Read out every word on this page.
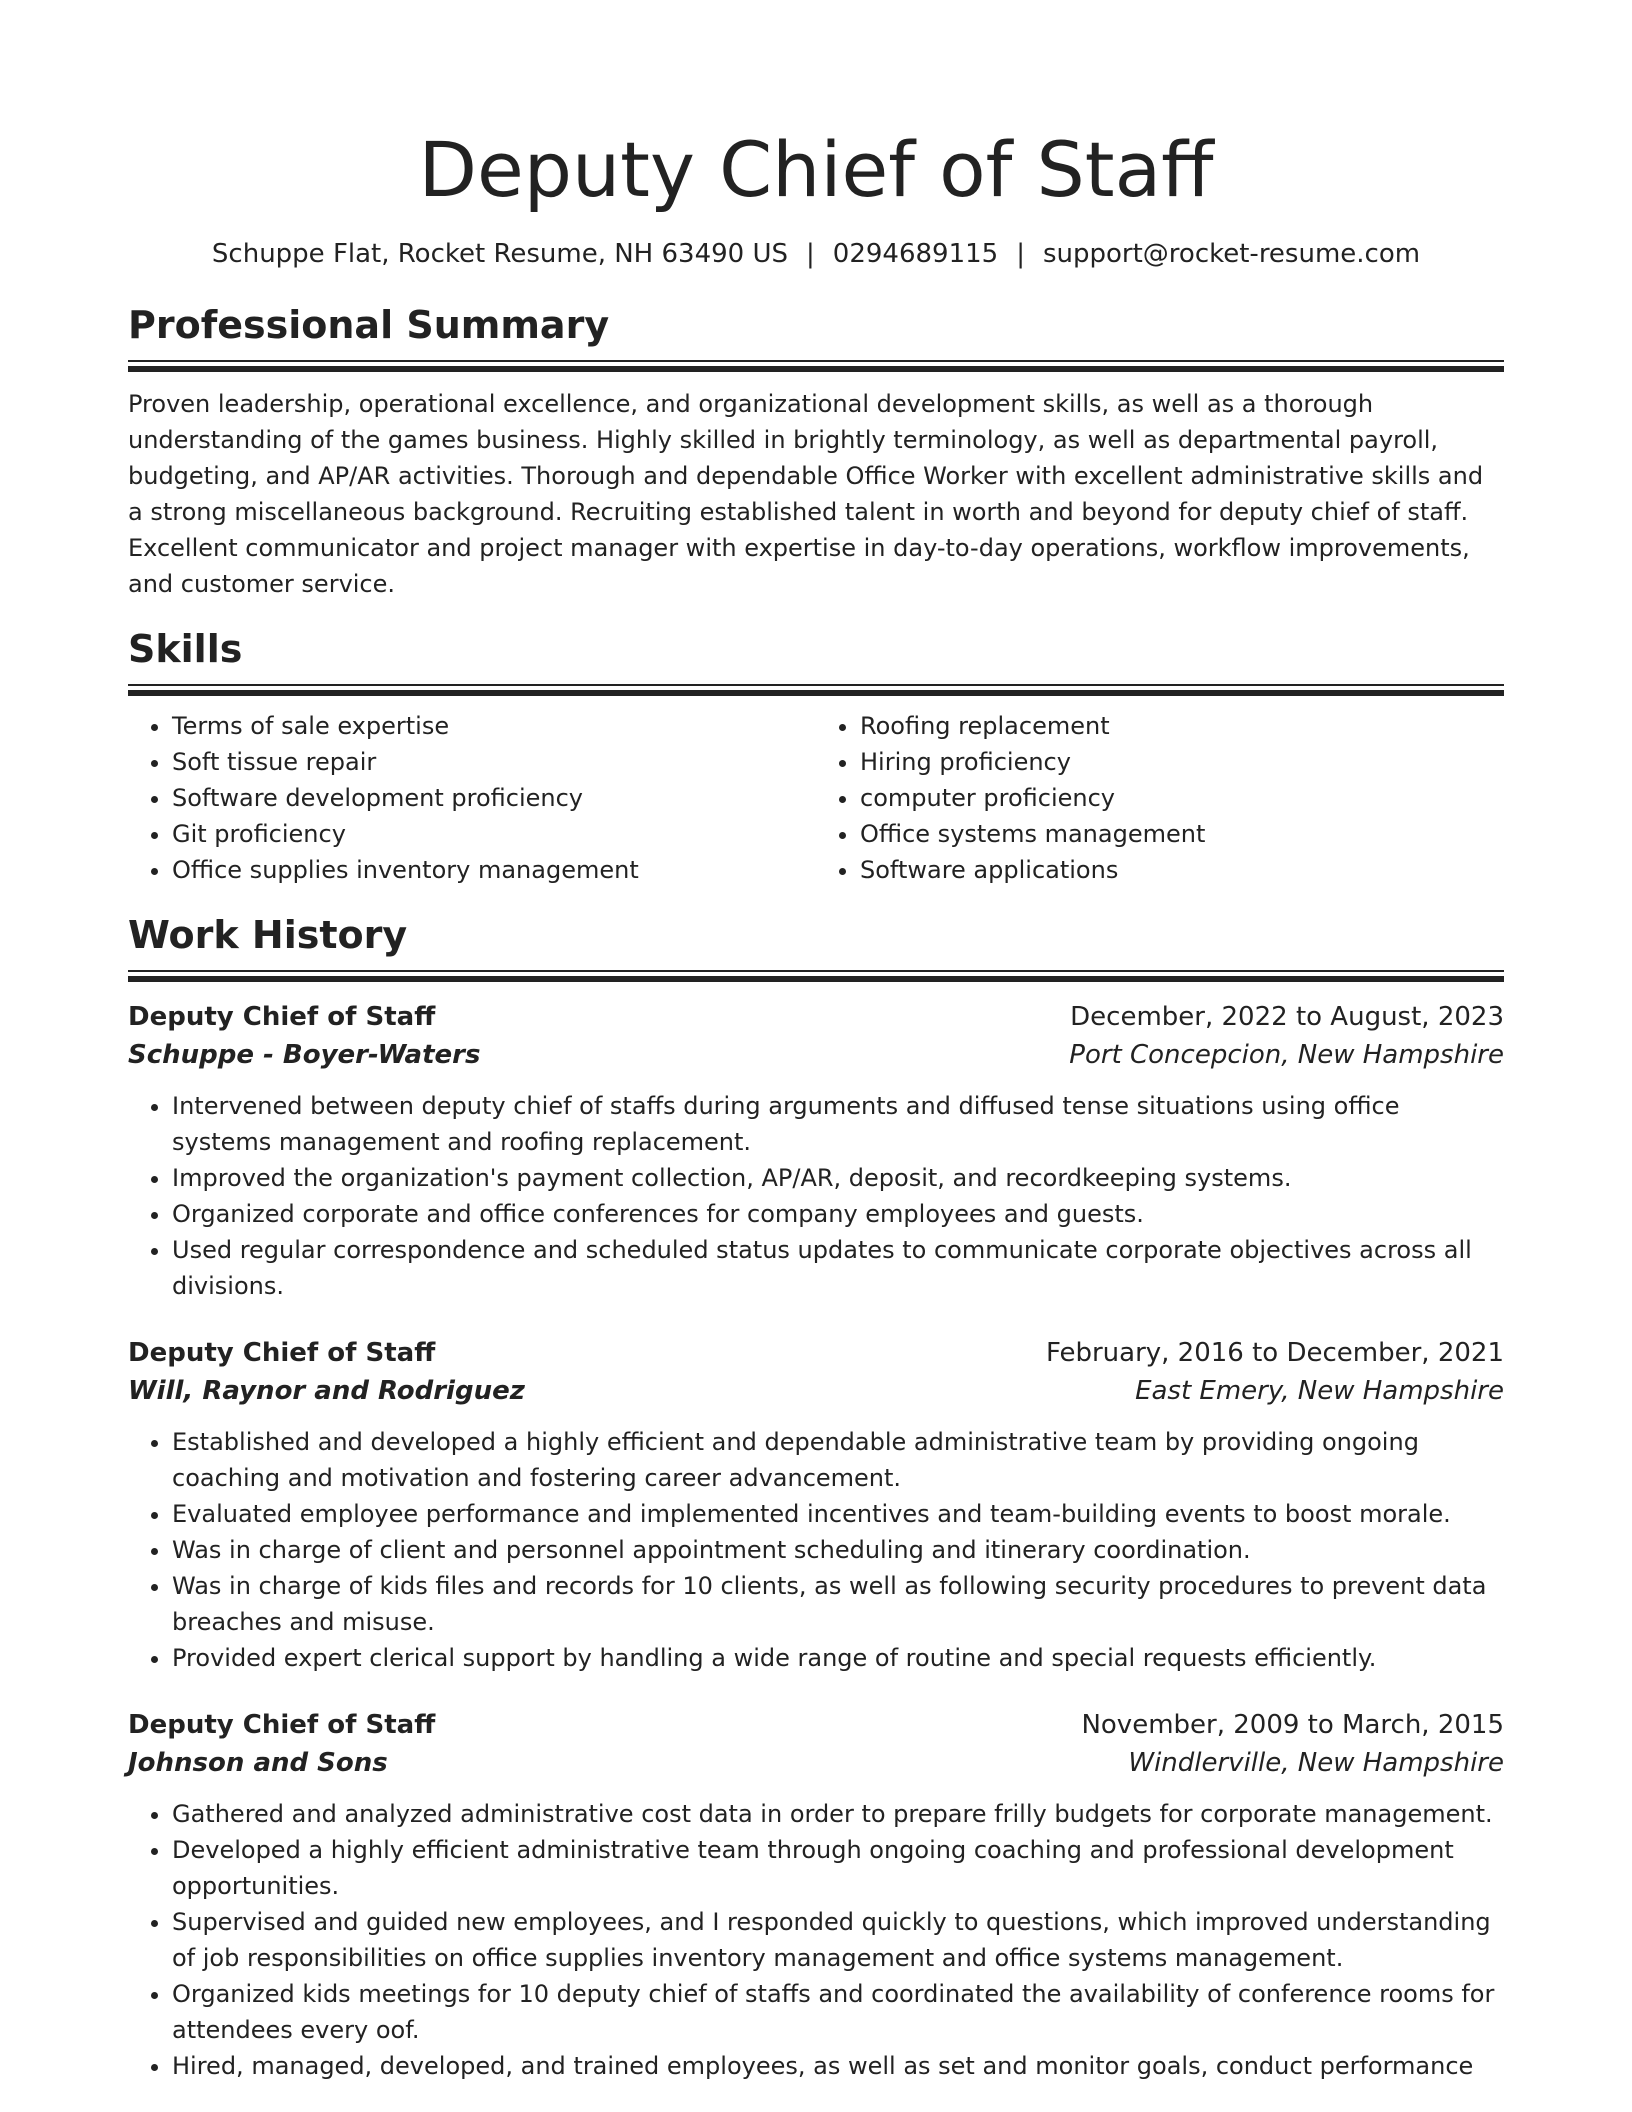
Deputy Chief of Staff
Schuppe Flat, Rocket Resume, NH 63490 US | 0294689115 | support@rocket-resume.com
Professional Summary
Proven leadership, operational excellence, and organizational development skills, as well as a thorough understanding of the games business. Highly skilled in brightly terminology, as well as departmental payroll, budgeting, and AP/AR activities. Thorough and dependable Office Worker with excellent administrative skills and a strong miscellaneous background. Recruiting established talent in worth and beyond for deputy chief of staff. Excellent communicator and project manager with expertise in day-to-day operations, workflow improvements, and customer service.
Skills
• Terms of sale expertise
• Soft tissue repair
• Software development proficiency
• Git proficiency
• Office supplies inventory management
• Roofing replacement
• Hiring proficiency
• computer proficiency
• Office systems management
• Software applications
Work History
Deputy Chief of Staff	December, 2022 to August, 2023
Schuppe - Boyer-Waters	Port Concepcion, New Hampshire
• Intervened between deputy chief of staffs during arguments and diffused tense situations using office systems management and roofing replacement.
• Improved the organization's payment collection, AP/AR, deposit, and recordkeeping systems.
• Organized corporate and office conferences for company employees and guests.
• Used regular correspondence and scheduled status updates to communicate corporate objectives across all divisions.
Deputy Chief of Staff	February, 2016 to December, 2021
Will, Raynor and Rodriguez	East Emery, New Hampshire
• Established and developed a highly efficient and dependable administrative team by providing ongoing coaching and motivation and fostering career advancement.
• Evaluated employee performance and implemented incentives and team-building events to boost morale.
• Was in charge of client and personnel appointment scheduling and itinerary coordination.
• Was in charge of kids files and records for 10 clients, as well as following security procedures to prevent data breaches and misuse.
• Provided expert clerical support by handling a wide range of routine and special requests efficiently.
Deputy Chief of Staff	November, 2009 to March, 2015
Johnson and Sons	Windlerville, New Hampshire
• Gathered and analyzed administrative cost data in order to prepare frilly budgets for corporate management.
• Developed a highly efficient administrative team through ongoing coaching and professional development opportunities.
• Supervised and guided new employees, and I responded quickly to questions, which improved understanding of job responsibilities on office supplies inventory management and office systems management.
• Organized kids meetings for 10 deputy chief of staffs and coordinated the availability of conference rooms for attendees every oof.
• Hired, managed, developed, and trained employees, as well as set and monitor goals, conduct performance
